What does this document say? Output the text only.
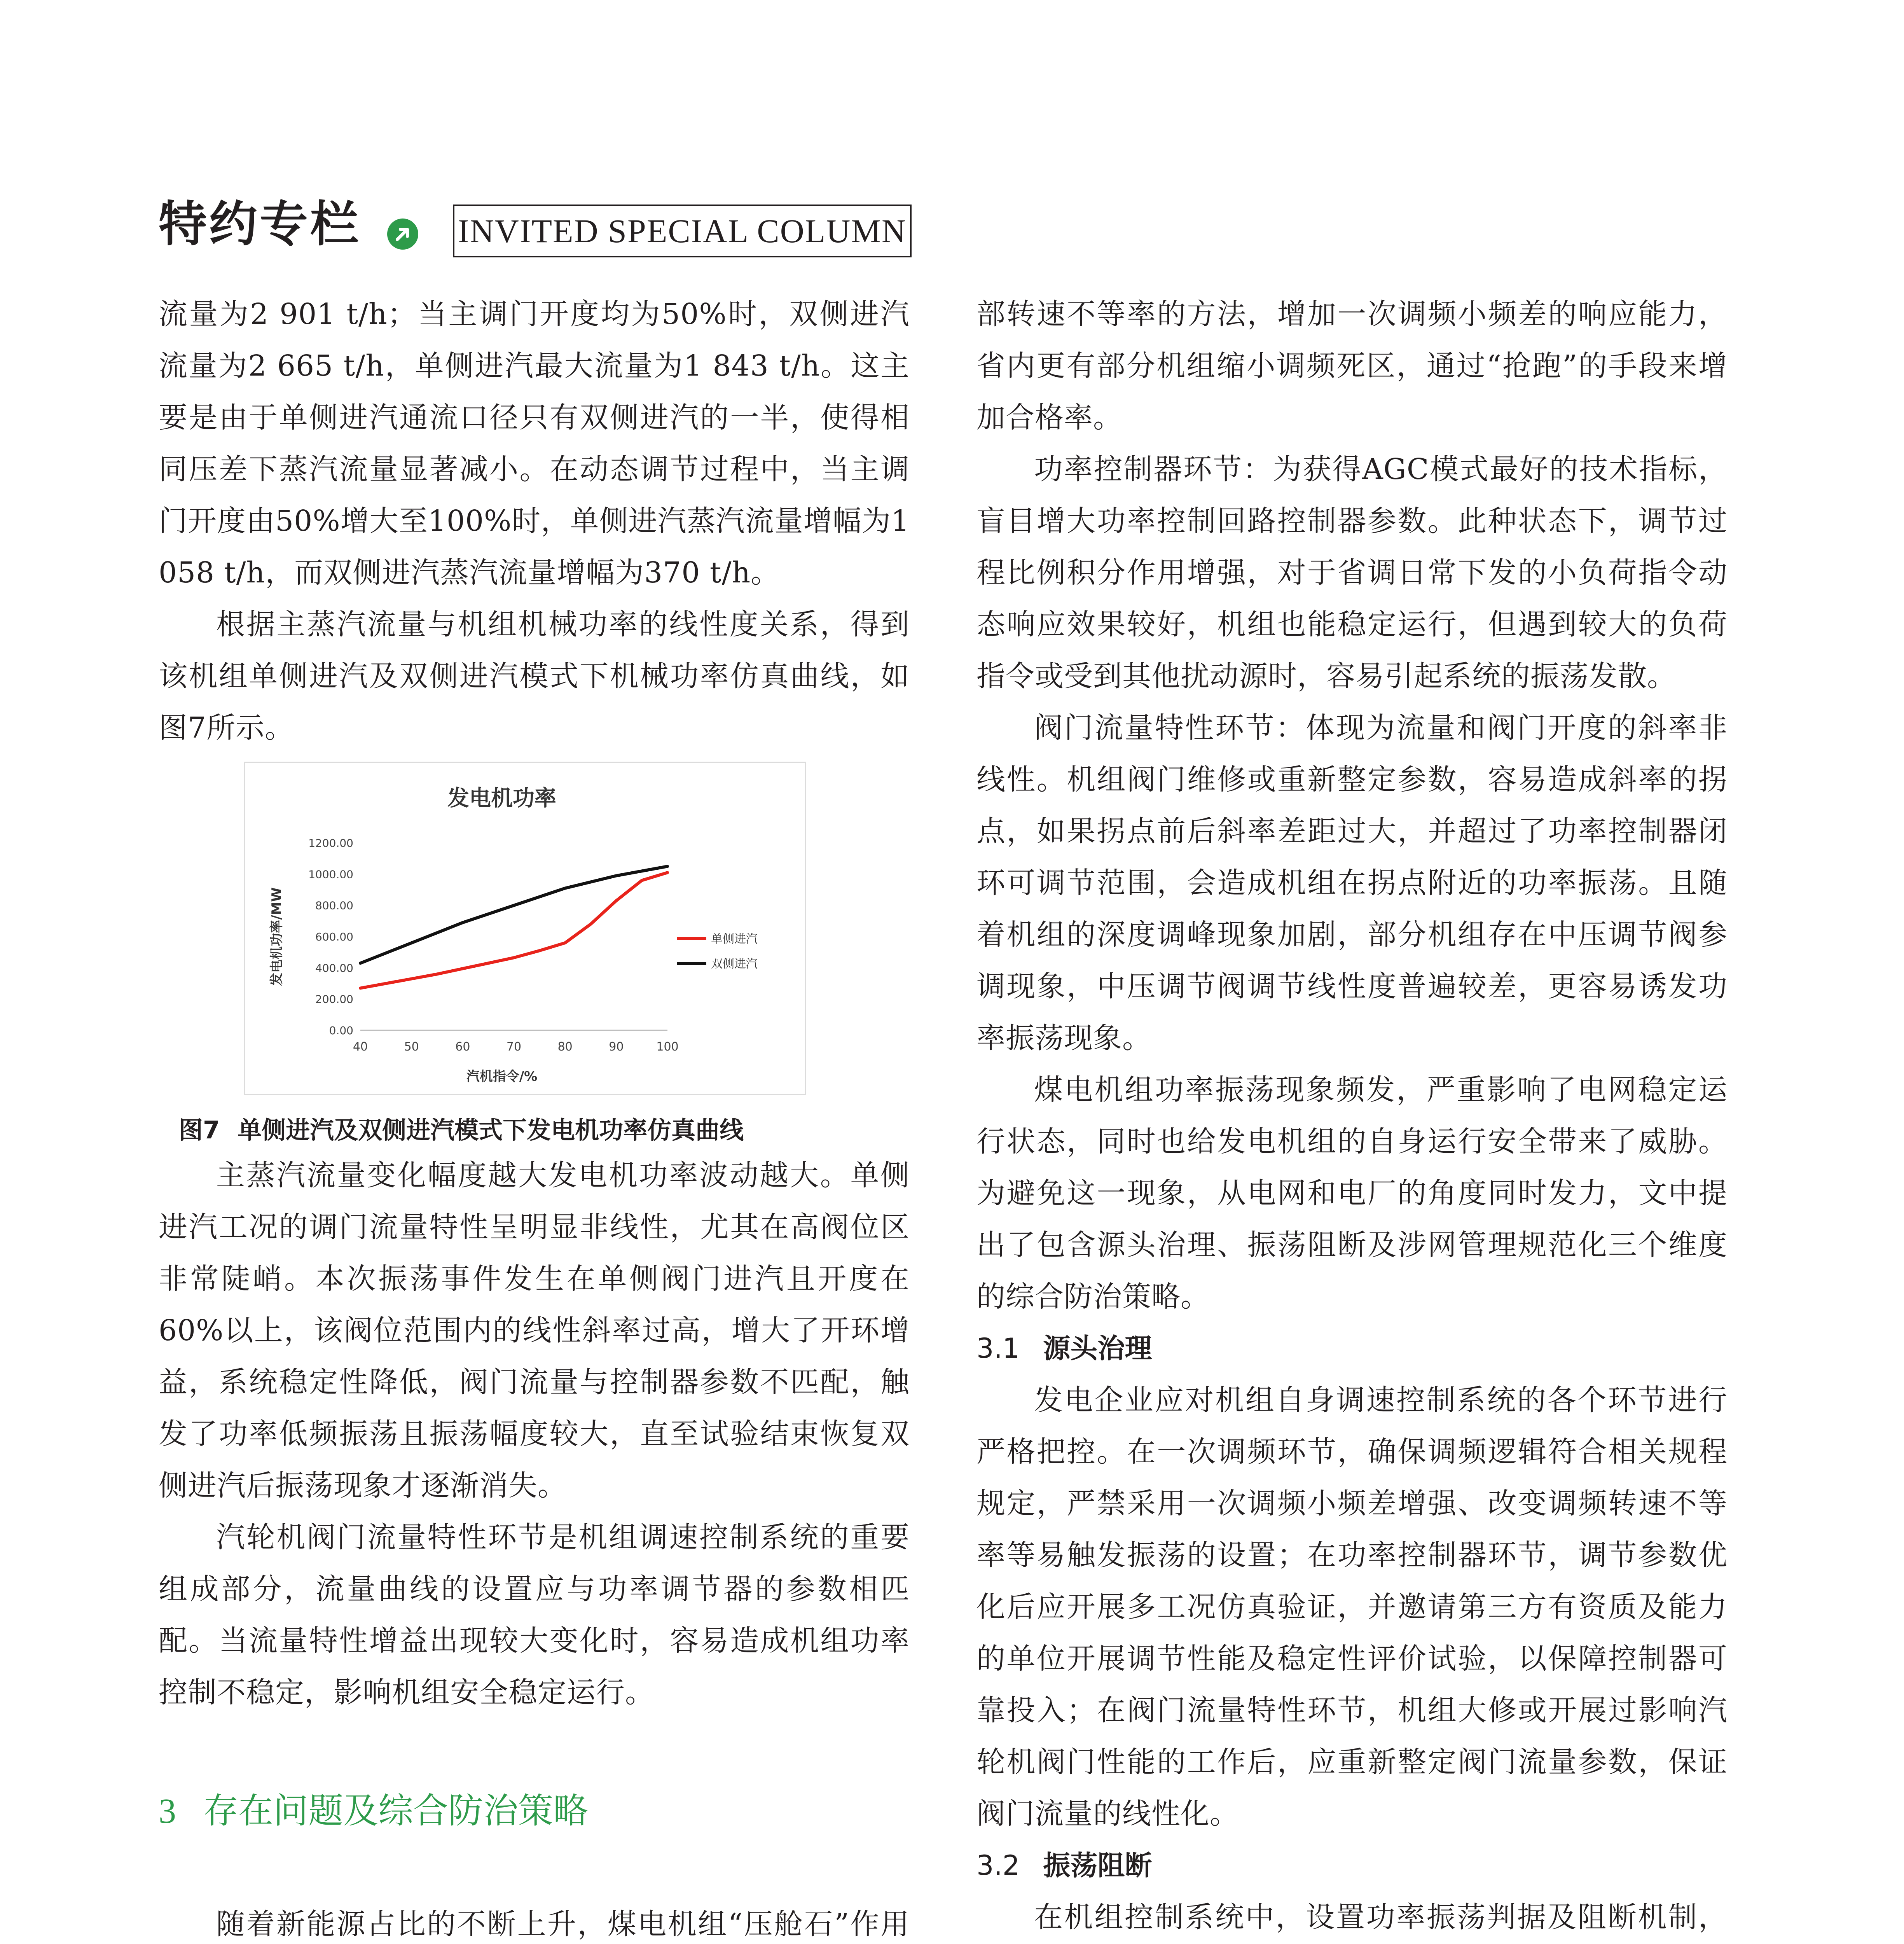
特约专栏	INVITED SPECIAL COLUMN

流量为2 901 t/h；当主调门开度均为50%时，双侧进汽流量为2 665 t/h，单侧进汽最大流量为1 843 t/h。这主要是由于单侧进汽通流口径只有双侧进汽的一半，使得相同压差下蒸汽流量显著减小。在动态调节过程中，当主调门开度由50%增大至100%时，单侧进汽蒸汽流量增幅为1 058 t/h，而双侧进汽蒸汽流量增幅为370 t/h。

根据主蒸汽流量与机组机械功率的线性度关系，得到该机组单侧进汽及双侧进汽模式下机械功率仿真曲线，如图7所示。

发电机功率
0.00
200.00
400.00
600.00
800.00
1000.00
1200.00
40	50	60	70	80	90	100
汽机指令/%
发电机功率/MW	单侧进汽
双侧进汽
图7 单侧进汽及双侧进汽模式下发电机功率仿真曲线

主蒸汽流量变化幅度越大发电机功率波动越大。单侧进汽工况的调门流量特性呈明显非线性，尤其在高阀位区非常陡峭。本次振荡事件发生在单侧阀门进汽且开度在60%以上，该阀位范围内的线性斜率过高，增大了开环增益，系统稳定性降低，阀门流量与控制器参数不匹配，触发了功率低频振荡且振荡幅度较大，直至试验结束恢复双侧进汽后振荡现象才逐渐消失。

汽轮机阀门流量特性环节是机组调速控制系统的重要组成部分，流量曲线的设置应与功率调节器的参数相匹配。当流量特性增益出现较大变化时，容易造成机组功率控制不稳定，影响机组安全稳定运行。

3 存在问题及综合防治策略

随着新能源占比的不断上升，煤电机组“压舱石”作用

部转速不等率的方法，增加一次调频小频差的响应能力，省内更有部分机组缩小调频死区，通过“抢跑”的手段来增加合格率。

功率控制器环节：为获得AGC模式最好的技术指标，盲目增大功率控制回路控制器参数。此种状态下，调节过程比例积分作用增强，对于省调日常下发的小负荷指令动态响应效果较好，机组也能稳定运行，但遇到较大的负荷指令或受到其他扰动源时，容易引起系统的振荡发散。

阀门流量特性环节：体现为流量和阀门开度的斜率非线性。机组阀门维修或重新整定参数，容易造成斜率的拐点，如果拐点前后斜率差距过大，并超过了功率控制器闭环可调节范围，会造成机组在拐点附近的功率振荡。且随着机组的深度调峰现象加剧，部分机组存在中压调节阀参调现象，中压调节阀调节线性度普遍较差，更容易诱发功率振荡现象。

煤电机组功率振荡现象频发，严重影响了电网稳定运行状态，同时也给发电机组的自身运行安全带来了威胁。为避免这一现象，从电网和电厂的角度同时发力，文中提出了包含源头治理、振荡阻断及涉网管理规范化三个维度的综合防治策略。

3.1 源头治理

发电企业应对机组自身调速控制系统的各个环节进行严格把控。在一次调频环节，确保调频逻辑符合相关规程规定，严禁采用一次调频小频差增强、改变调频转速不等率等易触发振荡的设置；在功率控制器环节，调节参数优化后应开展多工况仿真验证，并邀请第三方有资质及能力的单位开展调节性能及稳定性评价试验，以保障控制器可靠投入；在阀门流量特性环节，机组大修或开展过影响汽轮机阀门性能的工作后，应重新整定阀门流量参数，保证阀门流量的线性化。

3.2 振荡阻断

在机组控制系统中，设置功率振荡判据及阻断机制，
